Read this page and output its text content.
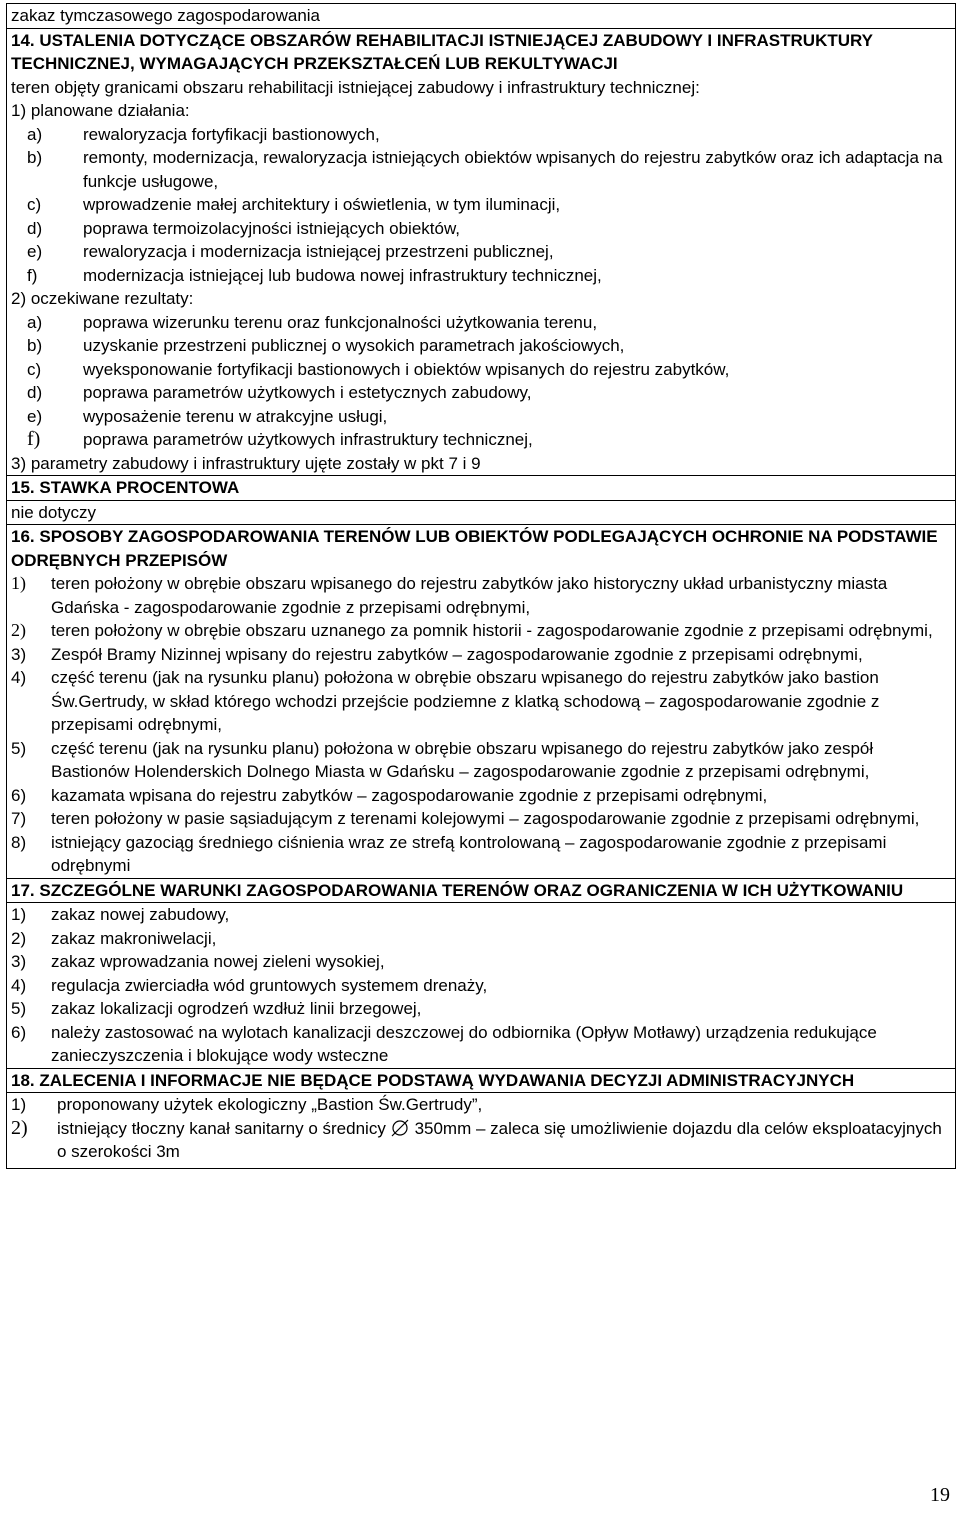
zakaz tymczasowego zagospodarowania
14. USTALENIA DOTYCZĄCE OBSZARÓW REHABILITACJI ISTNIEJĄCEJ ZABUDOWY I INFRASTRUKTURY TECHNICZNEJ, WYMAGAJĄCYCH PRZEKSZTAŁCEŃ LUB REKULTYWACJI
teren objęty granicami obszaru rehabilitacji istniejącej zabudowy i infrastruktury technicznej:
1) planowane działania:
a)	rewaloryzacja fortyfikacji bastionowych,
b)	remonty, modernizacja, rewaloryzacja istniejących obiektów wpisanych do rejestru zabytków oraz ich adaptacja na funkcje usługowe,
c)	wprowadzenie małej architektury i oświetlenia, w tym iluminacji,
d)	poprawa termoizolacyjności istniejących obiektów,
e)	rewaloryzacja i modernizacja istniejącej przestrzeni publicznej,
f)	modernizacja istniejącej lub budowa nowej infrastruktury technicznej,
2) oczekiwane rezultaty:
a)	poprawa wizerunku terenu oraz funkcjonalności użytkowania terenu,
b)	uzyskanie przestrzeni publicznej o wysokich parametrach jakościowych,
c)	wyeksponowanie fortyfikacji bastionowych i obiektów wpisanych do rejestru zabytków,
d)	poprawa parametrów użytkowych i estetycznych zabudowy,
e)	wyposażenie terenu w atrakcyjne usługi,
f)	poprawa parametrów użytkowych infrastruktury technicznej,
3) parametry zabudowy i infrastruktury ujęte zostały w pkt 7 i 9
15. STAWKA PROCENTOWA
nie dotyczy
16. SPOSOBY ZAGOSPODAROWANIA TERENÓW LUB OBIEKTÓW PODLEGAJĄCYCH OCHRONIE NA PODSTAWIE ODRĘBNYCH PRZEPISÓW
1)	teren położony w obrębie obszaru wpisanego do rejestru zabytków jako historyczny układ urbanistyczny miasta Gdańska - zagospodarowanie zgodnie z przepisami odrębnymi,
2)	teren położony w obrębie obszaru uznanego za pomnik historii - zagospodarowanie zgodnie z przepisami odrębnymi,
3)	Zespół Bramy Nizinnej wpisany do rejestru zabytków – zagospodarowanie zgodnie z przepisami odrębnymi,
4)	część terenu (jak na rysunku planu) położona w obrębie obszaru wpisanego do rejestru zabytków jako bastion Św.Gertrudy, w skład którego wchodzi przejście podziemne z klatką schodową – zagospodarowanie zgodnie z przepisami odrębnymi,
5)	część terenu (jak na rysunku planu) położona w obrębie obszaru wpisanego do rejestru zabytków jako zespół Bastionów Holenderskich Dolnego Miasta w Gdańsku – zagospodarowanie zgodnie z przepisami odrębnymi,
6)	kazamata wpisana do rejestru zabytków – zagospodarowanie zgodnie z przepisami odrębnymi,
7)	teren położony w pasie sąsiadującym z terenami kolejowymi – zagospodarowanie zgodnie z przepisami odrębnymi,
8)	istniejący gazociąg średniego ciśnienia wraz ze strefą kontrolowaną – zagospodarowanie zgodnie z przepisami odrębnymi
17. SZCZEGÓLNE WARUNKI ZAGOSPODAROWANIA TERENÓW ORAZ OGRANICZENIA W ICH UŻYTKOWANIU
1)	zakaz nowej zabudowy,
2)	zakaz makroniwelacji,
3)	zakaz wprowadzania nowej zieleni wysokiej,
4)	regulacja zwierciadła wód gruntowych systemem drenaży,
5)	zakaz lokalizacji ogrodzeń wzdłuż linii brzegowej,
6)	należy zastosować na wylotach kanalizacji deszczowej do odbiornika (Opływ Motławy) urządzenia redukujące zanieczyszczenia i blokujące wody wsteczne
18. ZALECENIA I INFORMACJE NIE BĘDĄCE PODSTAWĄ WYDAWANIA DECYZJI ADMINISTRACYJNYCH
1)	proponowany użytek ekologiczny „Bastion Św.Gertrudy”,
2)	istniejący tłoczny kanał sanitarny o średnicy 350mm – zaleca się umożliwienie dojazdu dla celów eksploatacyjnych o szerokości 3m
19
